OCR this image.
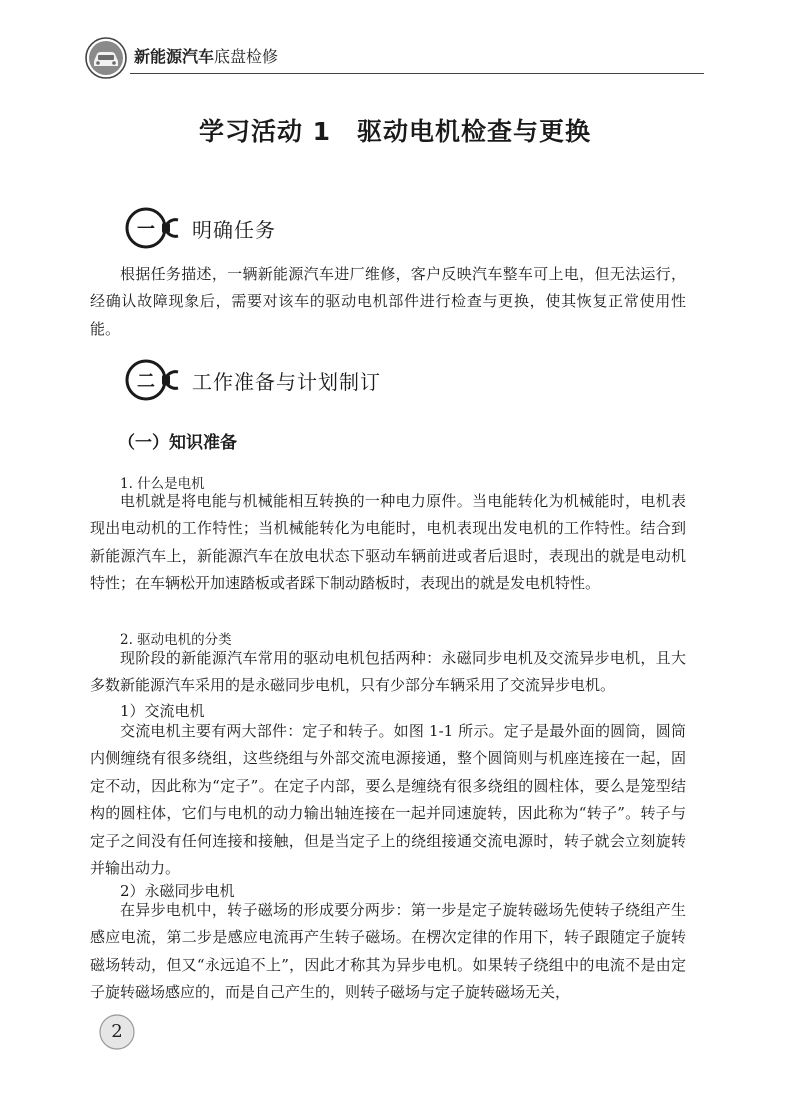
新能源汽车底盘检修
学习活动 1 驱动电机检查与更换
一 明确任务

根据任务描述，一辆新能源汽车进厂维修，客户反映汽车整车可上电，但无法运行，经确认故障现象后，需要对该车的驱动电机部件进行检查与更换，使其恢复正常使用性能。

二 工作准备与计划制订
（一）知识准备
1. 什么是电机

电机就是将电能与机械能相互转换的一种电力原件。当电能转化为机械能时，电机表现出电动机的工作特性；当机械能转化为电能时，电机表现出发电机的工作特性。结合到新能源汽车上，新能源汽车在放电状态下驱动车辆前进或者后退时，表现出的就是电动机特性；在车辆松开加速踏板或者踩下制动踏板时，表现出的就是发电机特性。

2. 驱动电机的分类

现阶段的新能源汽车常用的驱动电机包括两种：永磁同步电机及交流异步电机，且大多数新能源汽车采用的是永磁同步电机，只有少部分车辆采用了交流异步电机。

1）交流电机

交流电机主要有两大部件：定子和转子。如图 1-1 所示。定子是最外面的圆筒，圆筒内侧缠绕有很多绕组，这些绕组与外部交流电源接通，整个圆筒则与机座连接在一起，固定不动，因此称为“定子”。在定子内部，要么是缠绕有很多绕组的圆柱体，要么是笼型结构的圆柱体，它们与电机的动力输出轴连接在一起并同速旋转，因此称为“转子”。转子与定子之间没有任何连接和接触，但是当定子上的绕组接通交流电源时，转子就会立刻旋转并输出动力。

2）永磁同步电机

在异步电机中，转子磁场的形成要分两步：第一步是定子旋转磁场先使转子绕组产生感应电流，第二步是感应电流再产生转子磁场。在楞次定律的作用下，转子跟随定子旋转磁场转动，但又“永远追不上”，因此才称其为异步电机。如果转子绕组中的电流不是由定子旋转磁场感应的，而是自己产生的，则转子磁场与定子旋转磁场无关，

2
